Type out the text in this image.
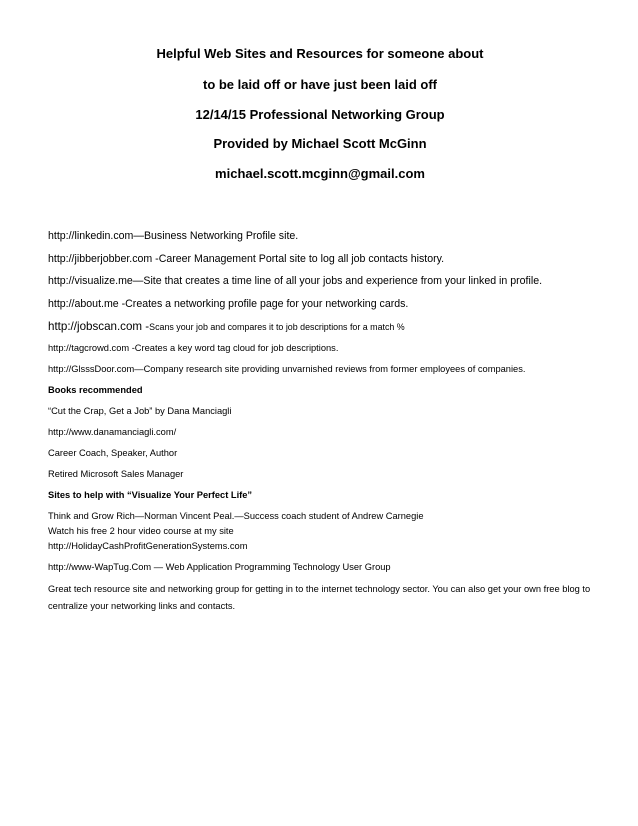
Helpful Web Sites and Resources for someone about
to be laid off or have just been laid off
12/14/15 Professional Networking Group
Provided by Michael Scott McGinn
michael.scott.mcginn@gmail.com
http://linkedin.com—Business Networking Profile site.
http://jibberjobber.com -Career Management Portal site to log all job contacts history.
http://visualize.me—Site that creates a time line of all your jobs and experience from your linked in profile.
http://about.me -Creates a networking profile page for your networking cards.
http://jobscan.com -Scans your job and compares it to job descriptions for a match %
http://tagcrowd.com -Creates a key word tag cloud for job descriptions.
http://GlsssDoor.com—Company research site providing unvarnished reviews from former employees of companies.
Books recommended
“Cut the Crap, Get a Job” by Dana Manciagli
http://www.danamanciagli.com/
Career Coach, Speaker, Author
Retired Microsoft Sales Manager
Sites to help with “Visualize Your Perfect Life”
Think and Grow Rich—Norman Vincent Peal.—Success coach student of Andrew Carnegie
Watch his free 2 hour video course at my site
http://HolidayCashProfitGenerationSystems.com
http://www-WapTug.Com — Web Application Programming Technology User Group
Great tech resource site and networking group for getting in to the internet technology sector. You can also get your own free blog to centralize your networking links and contacts.
